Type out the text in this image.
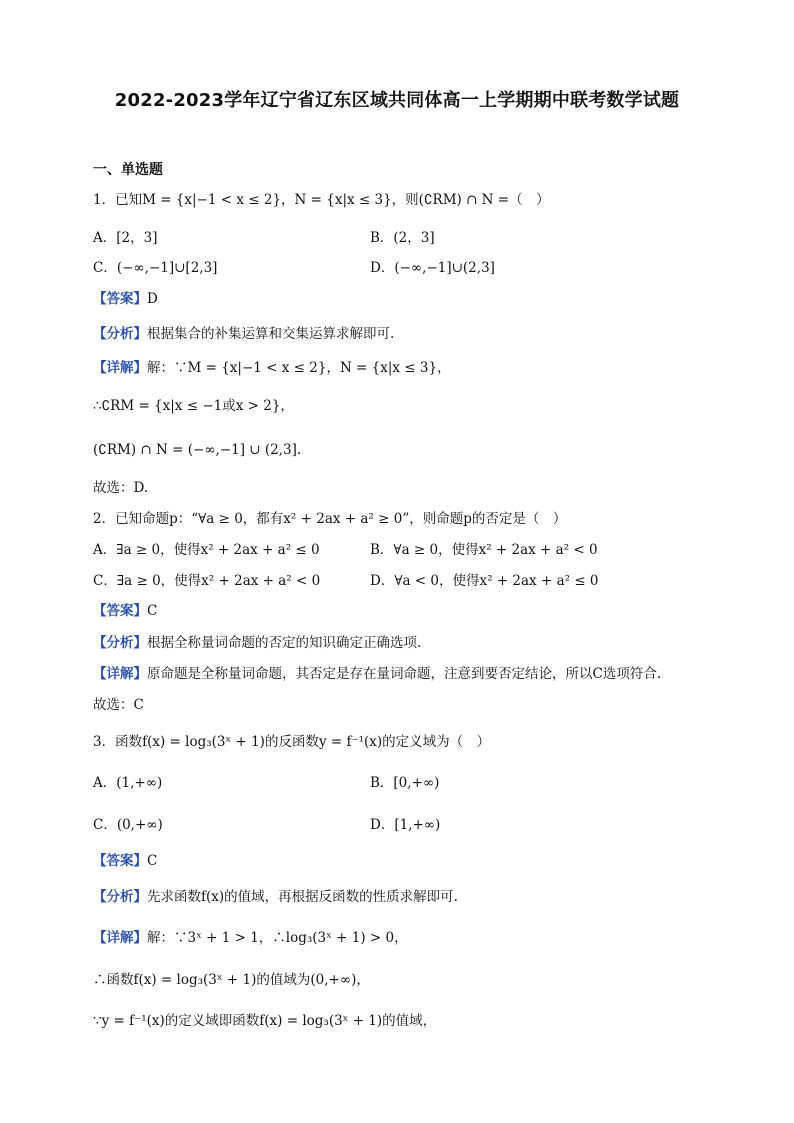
2022-2023学年辽宁省辽东区域共同体高一上学期期中联考数学试题
一、单选题
1．已知M = {x|−1 < x ≤ 2}，N = {x|x ≤ 3}，则(∁RM) ∩ N =（　）
A．[2，3]	B．(2，3]
C．(−∞,−1]∪[2,3]	D．(−∞,−1]∪(2,3]
【答案】D
【分析】根据集合的补集运算和交集运算求解即可.
【详解】解：∵M = {x|−1 < x ≤ 2}，N = {x|x ≤ 3}，
∴∁RM = {x|x ≤ −1或x > 2}，
(∁RM) ∩ N = (−∞,−1] ∪ (2,3].
故选：D.
2．已知命题p：“∀a ≥ 0，都有x² + 2ax + a² ≥ 0”，则命题p的否定是（　）
A．∃a ≥ 0，使得x² + 2ax + a² ≤ 0	B．∀a ≥ 0，使得x² + 2ax + a² < 0
C．∃a ≥ 0，使得x² + 2ax + a² < 0	D．∀a < 0，使得x² + 2ax + a² ≤ 0
【答案】C
【分析】根据全称量词命题的否定的知识确定正确选项.
【详解】原命题是全称量词命题，其否定是存在量词命题，注意到要否定结论，所以C选项符合.
故选：C
3．函数f(x) = log₃(3ˣ + 1)的反函数y = f⁻¹(x)的定义域为（　）
A．(1,+∞)	B．[0,+∞)
C．(0,+∞)	D．[1,+∞)
【答案】C
【分析】先求函数f(x)的值域，再根据反函数的性质求解即可.
【详解】解：∵3ˣ + 1 > 1，∴log₃(3ˣ + 1) > 0，
∴函数f(x) = log₃(3ˣ + 1)的值域为(0,+∞)，
∵y = f⁻¹(x)的定义域即函数f(x) = log₃(3ˣ + 1)的值域，
